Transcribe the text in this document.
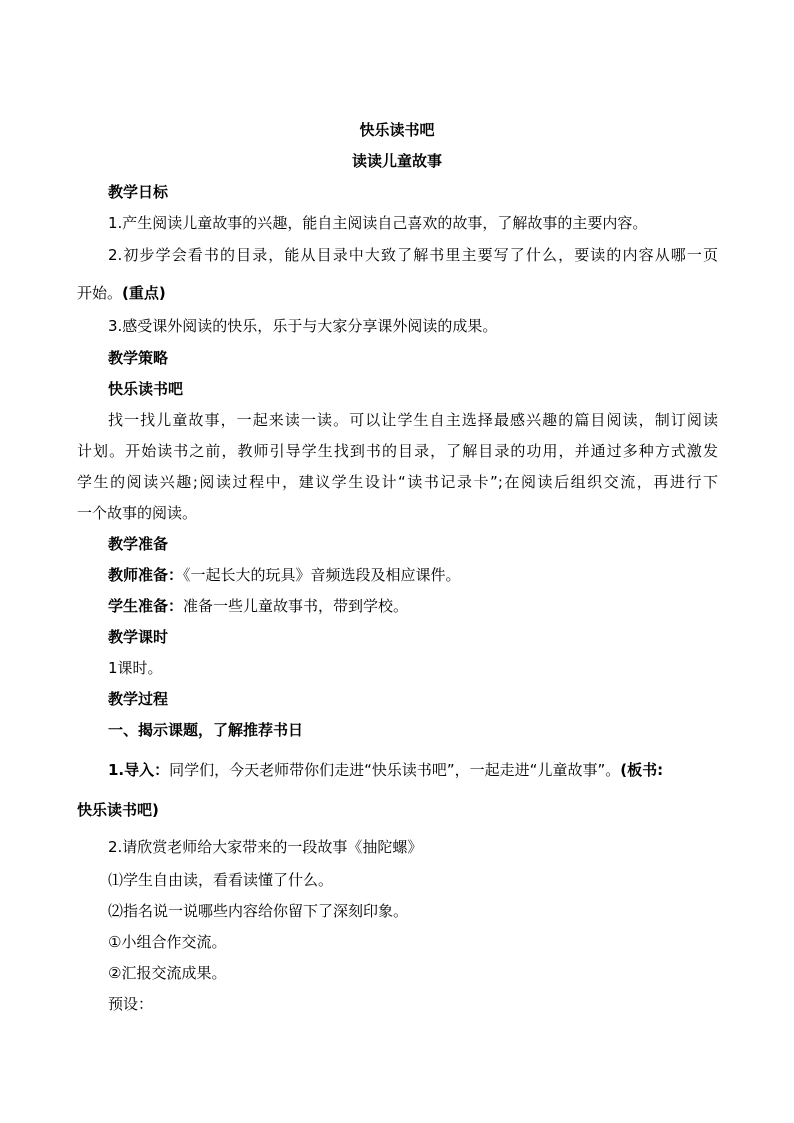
快乐读书吧
读读儿童故事
教学日标
1.产生阅读儿童故事的兴趣，能自主阅读自己喜欢的故事，了解故事的主要内容。
2.初步学会看书的目录，能从目录中大致了解书里主要写了什么，要读的内容从哪一页
开始。(重点)
3.感受课外阅读的快乐，乐于与大家分享课外阅读的成果。
教学策略
快乐读书吧
找一找儿童故事，一起来读一读。可以让学生自主选择最感兴趣的篇目阅读，制订阅读
计划。开始读书之前，教师引导学生找到书的目录，了解目录的功用，并通过多种方式激发
学生的阅读兴趣;阅读过程中，建议学生设计“读书记录卡”;在阅读后组织交流，再进行下
一个故事的阅读。
教学准备
教师准备：《一起长大的玩具》音频选段及相应课件。
学生准备：准备一些儿童故事书，带到学校。
教学课时
1课时。
教学过程
一、揭示课题，了解推荐书日
1.导入：同学们，今天老师带你们走进“快乐读书吧”，一起走进“儿童故事”。(板书:
快乐读书吧)
2.请欣赏老师给大家带来的一段故事《抽陀螺》
⑴学生自由读，看看读懂了什么。
⑵指名说一说哪些内容给你留下了深刻印象。
①小组合作交流。
②汇报交流成果。
预设：
